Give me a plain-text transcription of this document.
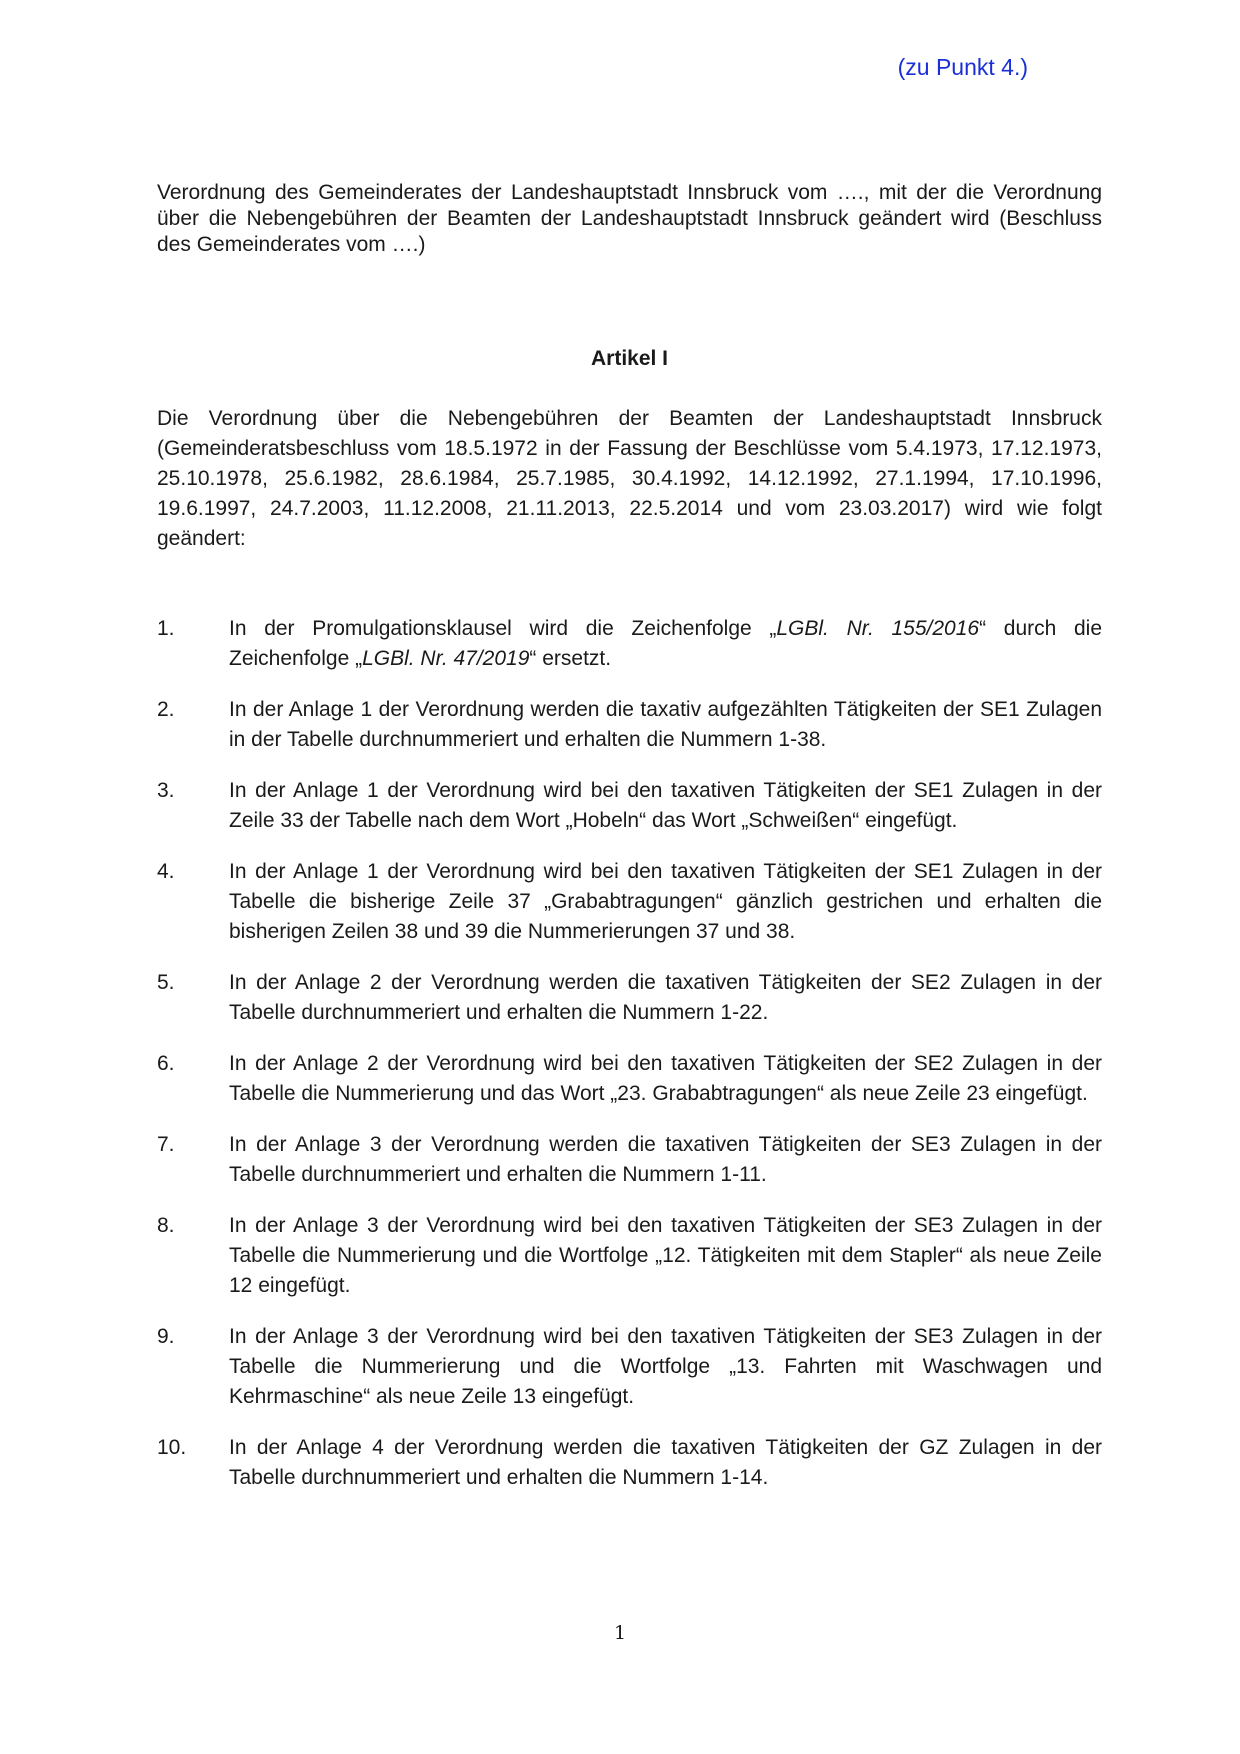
(zu Punkt 4.)
Verordnung des Gemeinderates der Landeshauptstadt Innsbruck vom …., mit der die Verordnung über die Nebengebühren der Beamten der Landeshauptstadt Innsbruck geändert wird (Beschluss des Gemeinderates vom ….)
Artikel I
Die Verordnung über die Nebengebühren der Beamten der Landeshauptstadt Innsbruck (Gemeinderatsbeschluss vom 18.5.1972 in der Fassung der Beschlüsse vom 5.4.1973, 17.12.1973, 25.10.1978, 25.6.1982, 28.6.1984, 25.7.1985, 30.4.1992, 14.12.1992, 27.1.1994, 17.10.1996, 19.6.1997, 24.7.2003, 11.12.2008, 21.11.2013, 22.5.2014 und vom 23.03.2017) wird wie folgt geändert:
1.	In der Promulgationsklausel wird die Zeichenfolge „LGBl. Nr. 155/2016“ durch die Zeichenfolge „LGBl. Nr. 47/2019“ ersetzt.
2.	In der Anlage 1 der Verordnung werden die taxativ aufgezählten Tätigkeiten der SE1 Zulagen in der Tabelle durchnummeriert und erhalten die Nummern 1-38.
3.	In der Anlage 1 der Verordnung wird bei den taxativen Tätigkeiten der SE1 Zulagen in der Zeile 33 der Tabelle nach dem Wort „Hobeln“ das Wort „Schweißen“ eingefügt.
4.	In der Anlage 1 der Verordnung wird bei den taxativen Tätigkeiten der SE1 Zulagen in der Tabelle die bisherige Zeile 37 „Grababtragungen“ gänzlich gestrichen und erhalten die bisherigen Zeilen 38 und 39 die Nummerierungen 37 und 38.
5.	In der Anlage 2 der Verordnung werden die taxativen Tätigkeiten der SE2 Zulagen in der Tabelle durchnummeriert und erhalten die Nummern 1-22.
6.	In der Anlage 2 der Verordnung wird bei den taxativen Tätigkeiten der SE2 Zulagen in der Tabelle die Nummerierung und das Wort „23. Grababtragungen“ als neue Zeile 23 eingefügt.
7.	In der Anlage 3 der Verordnung werden die taxativen Tätigkeiten der SE3 Zulagen in der Tabelle durchnummeriert und erhalten die Nummern 1-11.
8.	In der Anlage 3 der Verordnung wird bei den taxativen Tätigkeiten der SE3 Zulagen in der Tabelle die Nummerierung und die Wortfolge „12. Tätigkeiten mit dem Stapler“ als neue Zeile 12 eingefügt.
9.	In der Anlage 3 der Verordnung wird bei den taxativen Tätigkeiten der SE3 Zulagen in der Tabelle die Nummerierung und die Wortfolge „13. Fahrten mit Waschwagen und Kehrmaschine“ als neue Zeile 13 eingefügt.
10.	In der Anlage 4 der Verordnung werden die taxativen Tätigkeiten der GZ Zulagen in der Tabelle durchnummeriert und erhalten die Nummern 1-14.
1
